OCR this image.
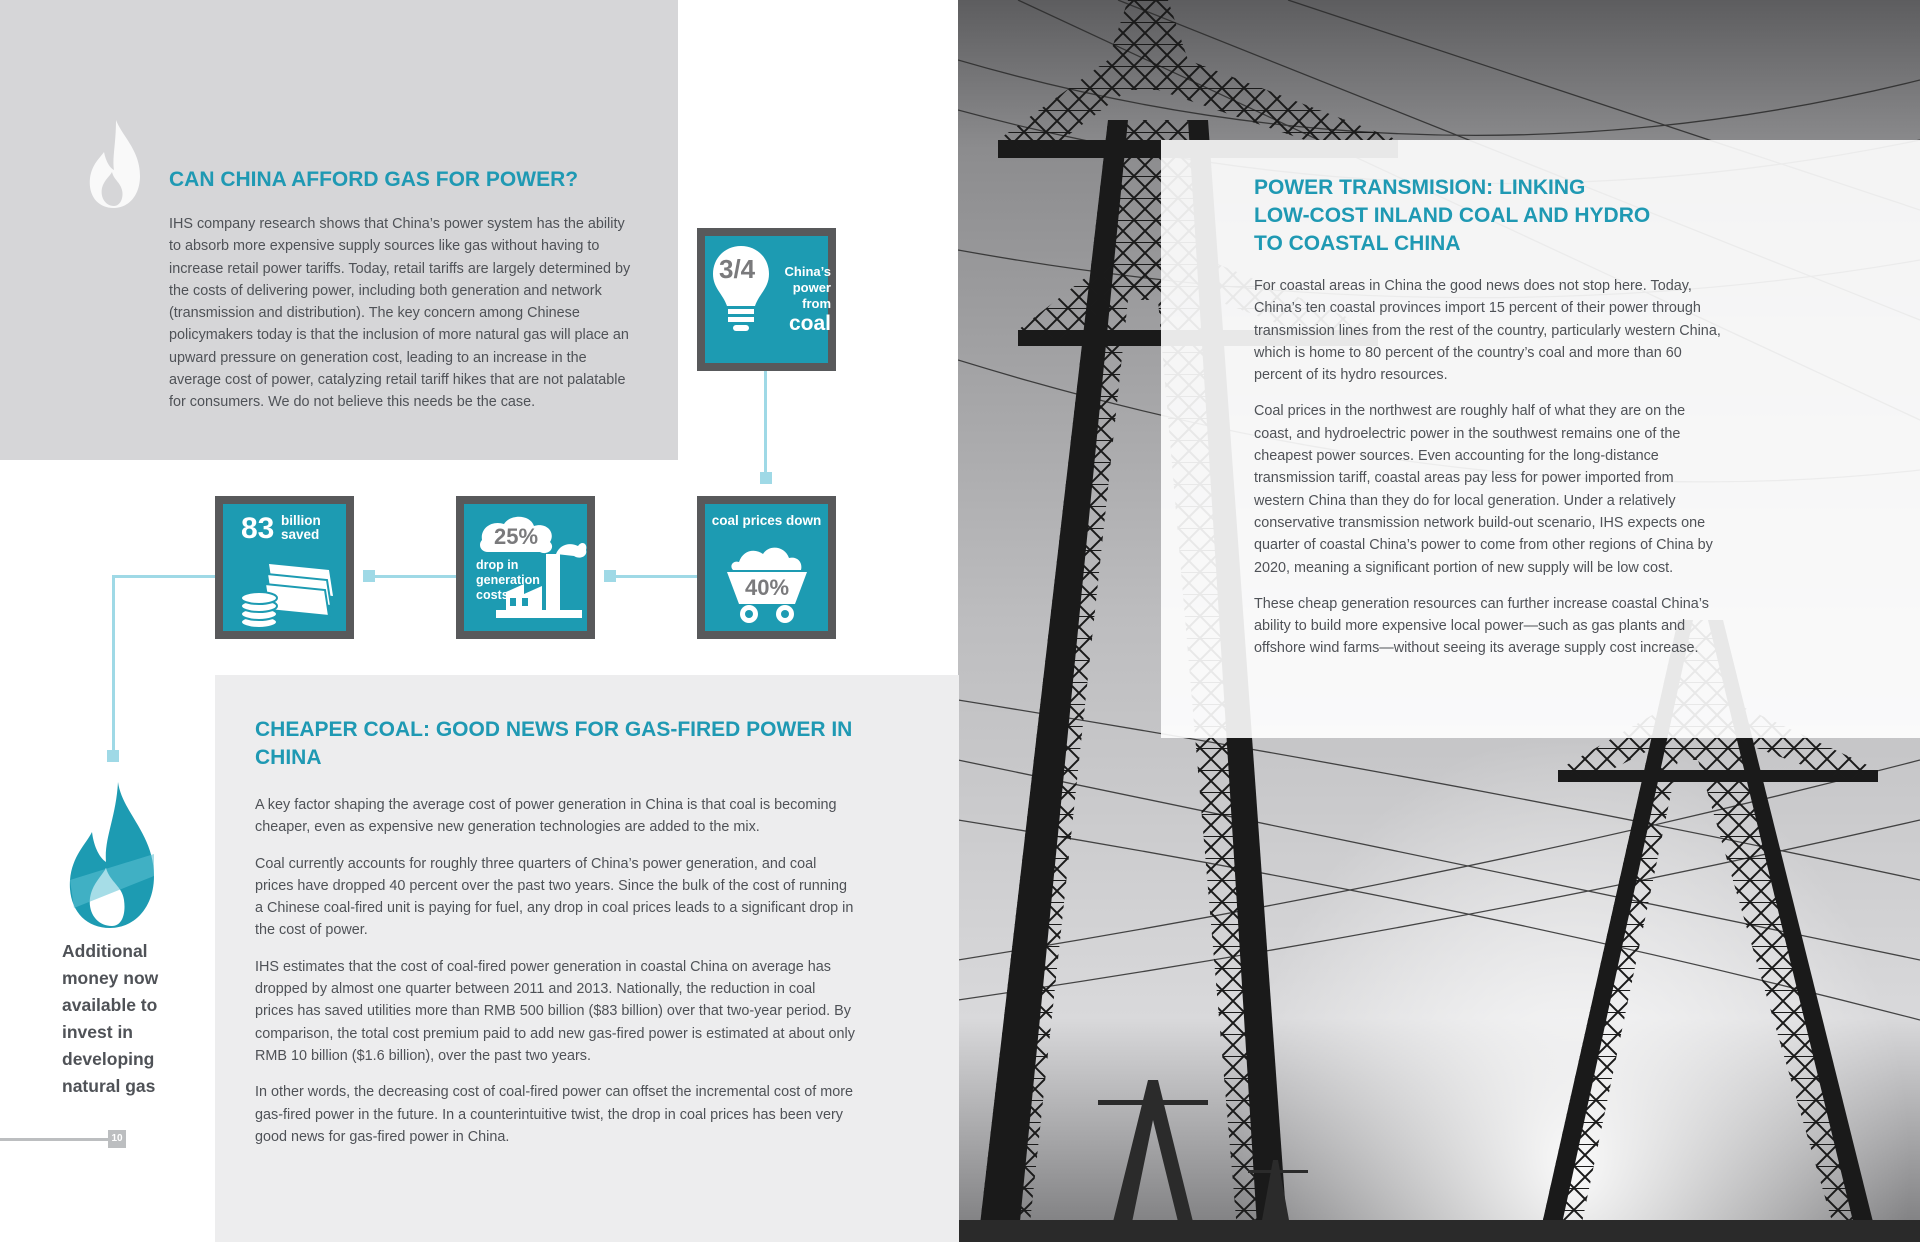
CAN CHINA AFFORD GAS FOR POWER?

IHS company research shows that China’s power system has the ability to absorb more expensive supply sources like gas without having to increase retail power tariffs. Today, retail tariffs are largely determined by the costs of delivering power, including both generation and network (transmission and distribution). The key concern among Chinese policymakers today is that the inclusion of more natural gas will place an upward pressure on generation cost, leading to an increase in the average cost of power, catalyzing retail tariff hikes that are not palatable for consumers. We do not believe this needs be the case.

3/4	China’s
power
from
coal
coal prices down
40%
25%
drop in
generation
costs
83 billion
saved
Additional money now available to invest in developing natural gas
10
CHEAPER COAL: GOOD NEWS FOR GAS-FIRED POWER IN CHINA

A key factor shaping the average cost of power generation in China is that coal is becoming cheaper, even as expensive new generation technologies are added to the mix.

Coal currently accounts for roughly three quarters of China’s power generation, and coal prices have dropped 40 percent over the past two years. Since the bulk of the cost of running a Chinese coal-fired unit is paying for fuel, any drop in coal prices leads to a significant drop in the cost of power.

IHS estimates that the cost of coal-fired power generation in coastal China on average has dropped by almost one quarter between 2011 and 2013. Nationally, the reduction in coal prices has saved utilities more than RMB 500 billion ($83 billion) over that two-year period. By comparison, the total cost premium paid to add new gas-fired power is estimated at about only RMB 10 billion ($1.6 billion), over the past two years.

In other words, the decreasing cost of coal-fired power can offset the incremental cost of more gas-fired power in the future. In a counterintuitive twist, the drop in coal prices has been very good news for gas-fired power in China.

POWER TRANSMISION: LINKING
LOW-COST INLAND COAL AND HYDRO
TO COASTAL CHINA

For coastal areas in China the good news does not stop here. Today, China’s ten coastal provinces import 15 percent of their power through transmission lines from the rest of the country, particularly western China, which is home to 80 percent of the country’s coal and more than 60 percent of its hydro resources.

Coal prices in the northwest are roughly half of what they are on the coast, and hydroelectric power in the southwest remains one of the cheapest power sources. Even accounting for the long-distance transmission tariff, coastal areas pay less for power imported from western China than they do for local generation. Under a relatively conservative transmission network build-out scenario, IHS expects one quarter of coastal China’s power to come from other regions of China by 2020, meaning a significant portion of new supply will be low cost.

These cheap generation resources can further increase coastal China’s ability to build more expensive local power—such as gas plants and offshore wind farms—without seeing its average supply cost increase.
